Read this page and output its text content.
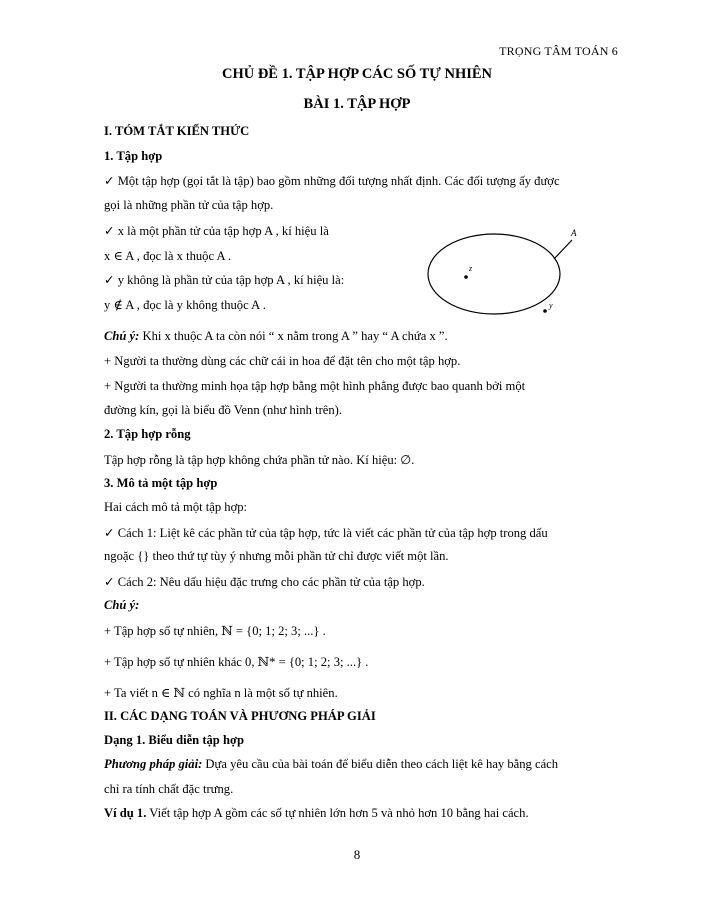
TRỌNG TÂM TOÁN 6
CHỦ ĐỀ 1. TẬP HỢP CÁC SỐ TỰ NHIÊN
BÀI 1. TẬP HỢP
I. TÓM TẮT KIẾN THỨC
1. Tập hợp
✓ Một tập hợp (gọi tắt là tập) bao gồm những đối tượng nhất định. Các đối tượng ấy được
gọi là những phần tử của tập hợp.
✓ x là một phần tử của tập hợp A , kí hiệu là
x ∈ A , đọc là x thuộc A .
✓ y không là phần tử của tập hợp A , kí hiệu là:
y ∉ A , đọc là y không thuộc A .
A
z
y
Chú ý: Khi x thuộc A ta còn nói “ x nằm trong A ” hay “ A chứa x ”.
+ Người ta thường dùng các chữ cái in hoa để đặt tên cho một tập hợp.
+ Người ta thường minh họa tập hợp bằng một hình phẳng được bao quanh bởi một
đường kín, gọi là biểu đồ Venn (như hình trên).
2. Tập hợp rỗng
Tập hợp rỗng là tập hợp không chứa phần tử nào. Kí hiệu: ∅.
3. Mô tả một tập hợp
Hai cách mô tả một tập hợp:
✓ Cách 1: Liệt kê các phần tử của tập hợp, tức là viết các phần tử của tập hợp trong dấu
ngoặc {} theo thứ tự tùy ý nhưng mỗi phần tử chỉ được viết một lần.
✓ Cách 2: Nêu dấu hiệu đặc trưng cho các phần tử của tập hợp.
Chú ý:
+ Tập hợp số tự nhiên, ℕ = {0; 1; 2; 3; ...} .
+ Tập hợp số tự nhiên khác 0, ℕ* = {0; 1; 2; 3; ...} .
+ Ta viết n ∈ ℕ có nghĩa n là một số tự nhiên.
II. CÁC DẠNG TOÁN VÀ PHƯƠNG PHÁP GIẢI
Dạng 1. Biểu diễn tập hợp
Phương pháp giải: Dựa yêu cầu của bài toán để biểu diễn theo cách liệt kê hay bằng cách
chỉ ra tính chất đặc trưng.
Ví dụ 1. Viết tập hợp A gồm các số tự nhiên lớn hơn 5 và nhỏ hơn 10 bằng hai cách.
8
